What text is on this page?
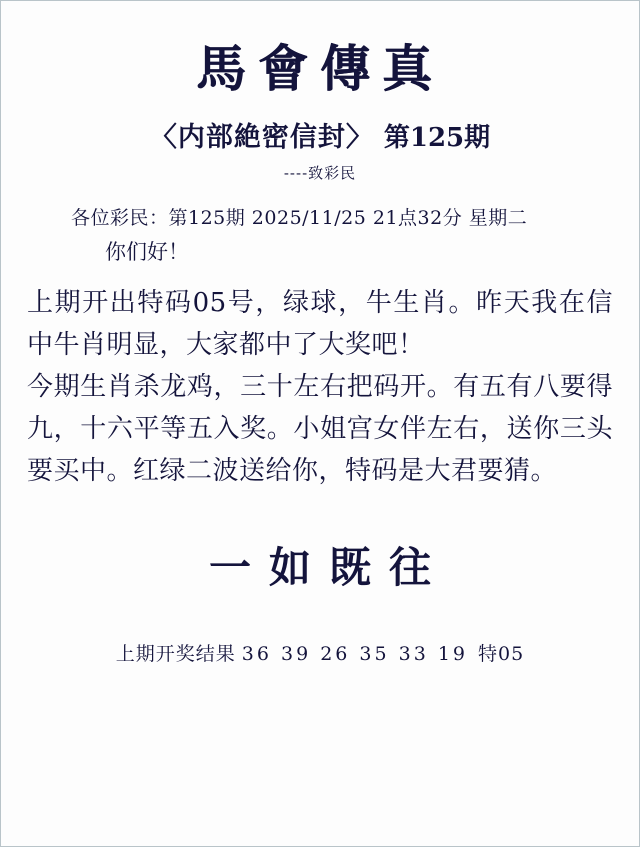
馬會傳真
〈内部絶密信封〉 第125期
----致彩民
各位彩民：第125期 2025/11/25 21点32分 星期二
你们好！

上期开出特码05号，绿球，牛生肖。昨天我在信中牛肖明显，大家都中了大奖吧！

今期生肖杀龙鸡，三十左右把码开。有五有八要得九，十六平等五入奖。小姐宫女伴左右，送你三头要买中。红绿二波送给你，特码是大君要猜。

一如既往
上期开奖结果 36 39 26 35 33 19 特05
